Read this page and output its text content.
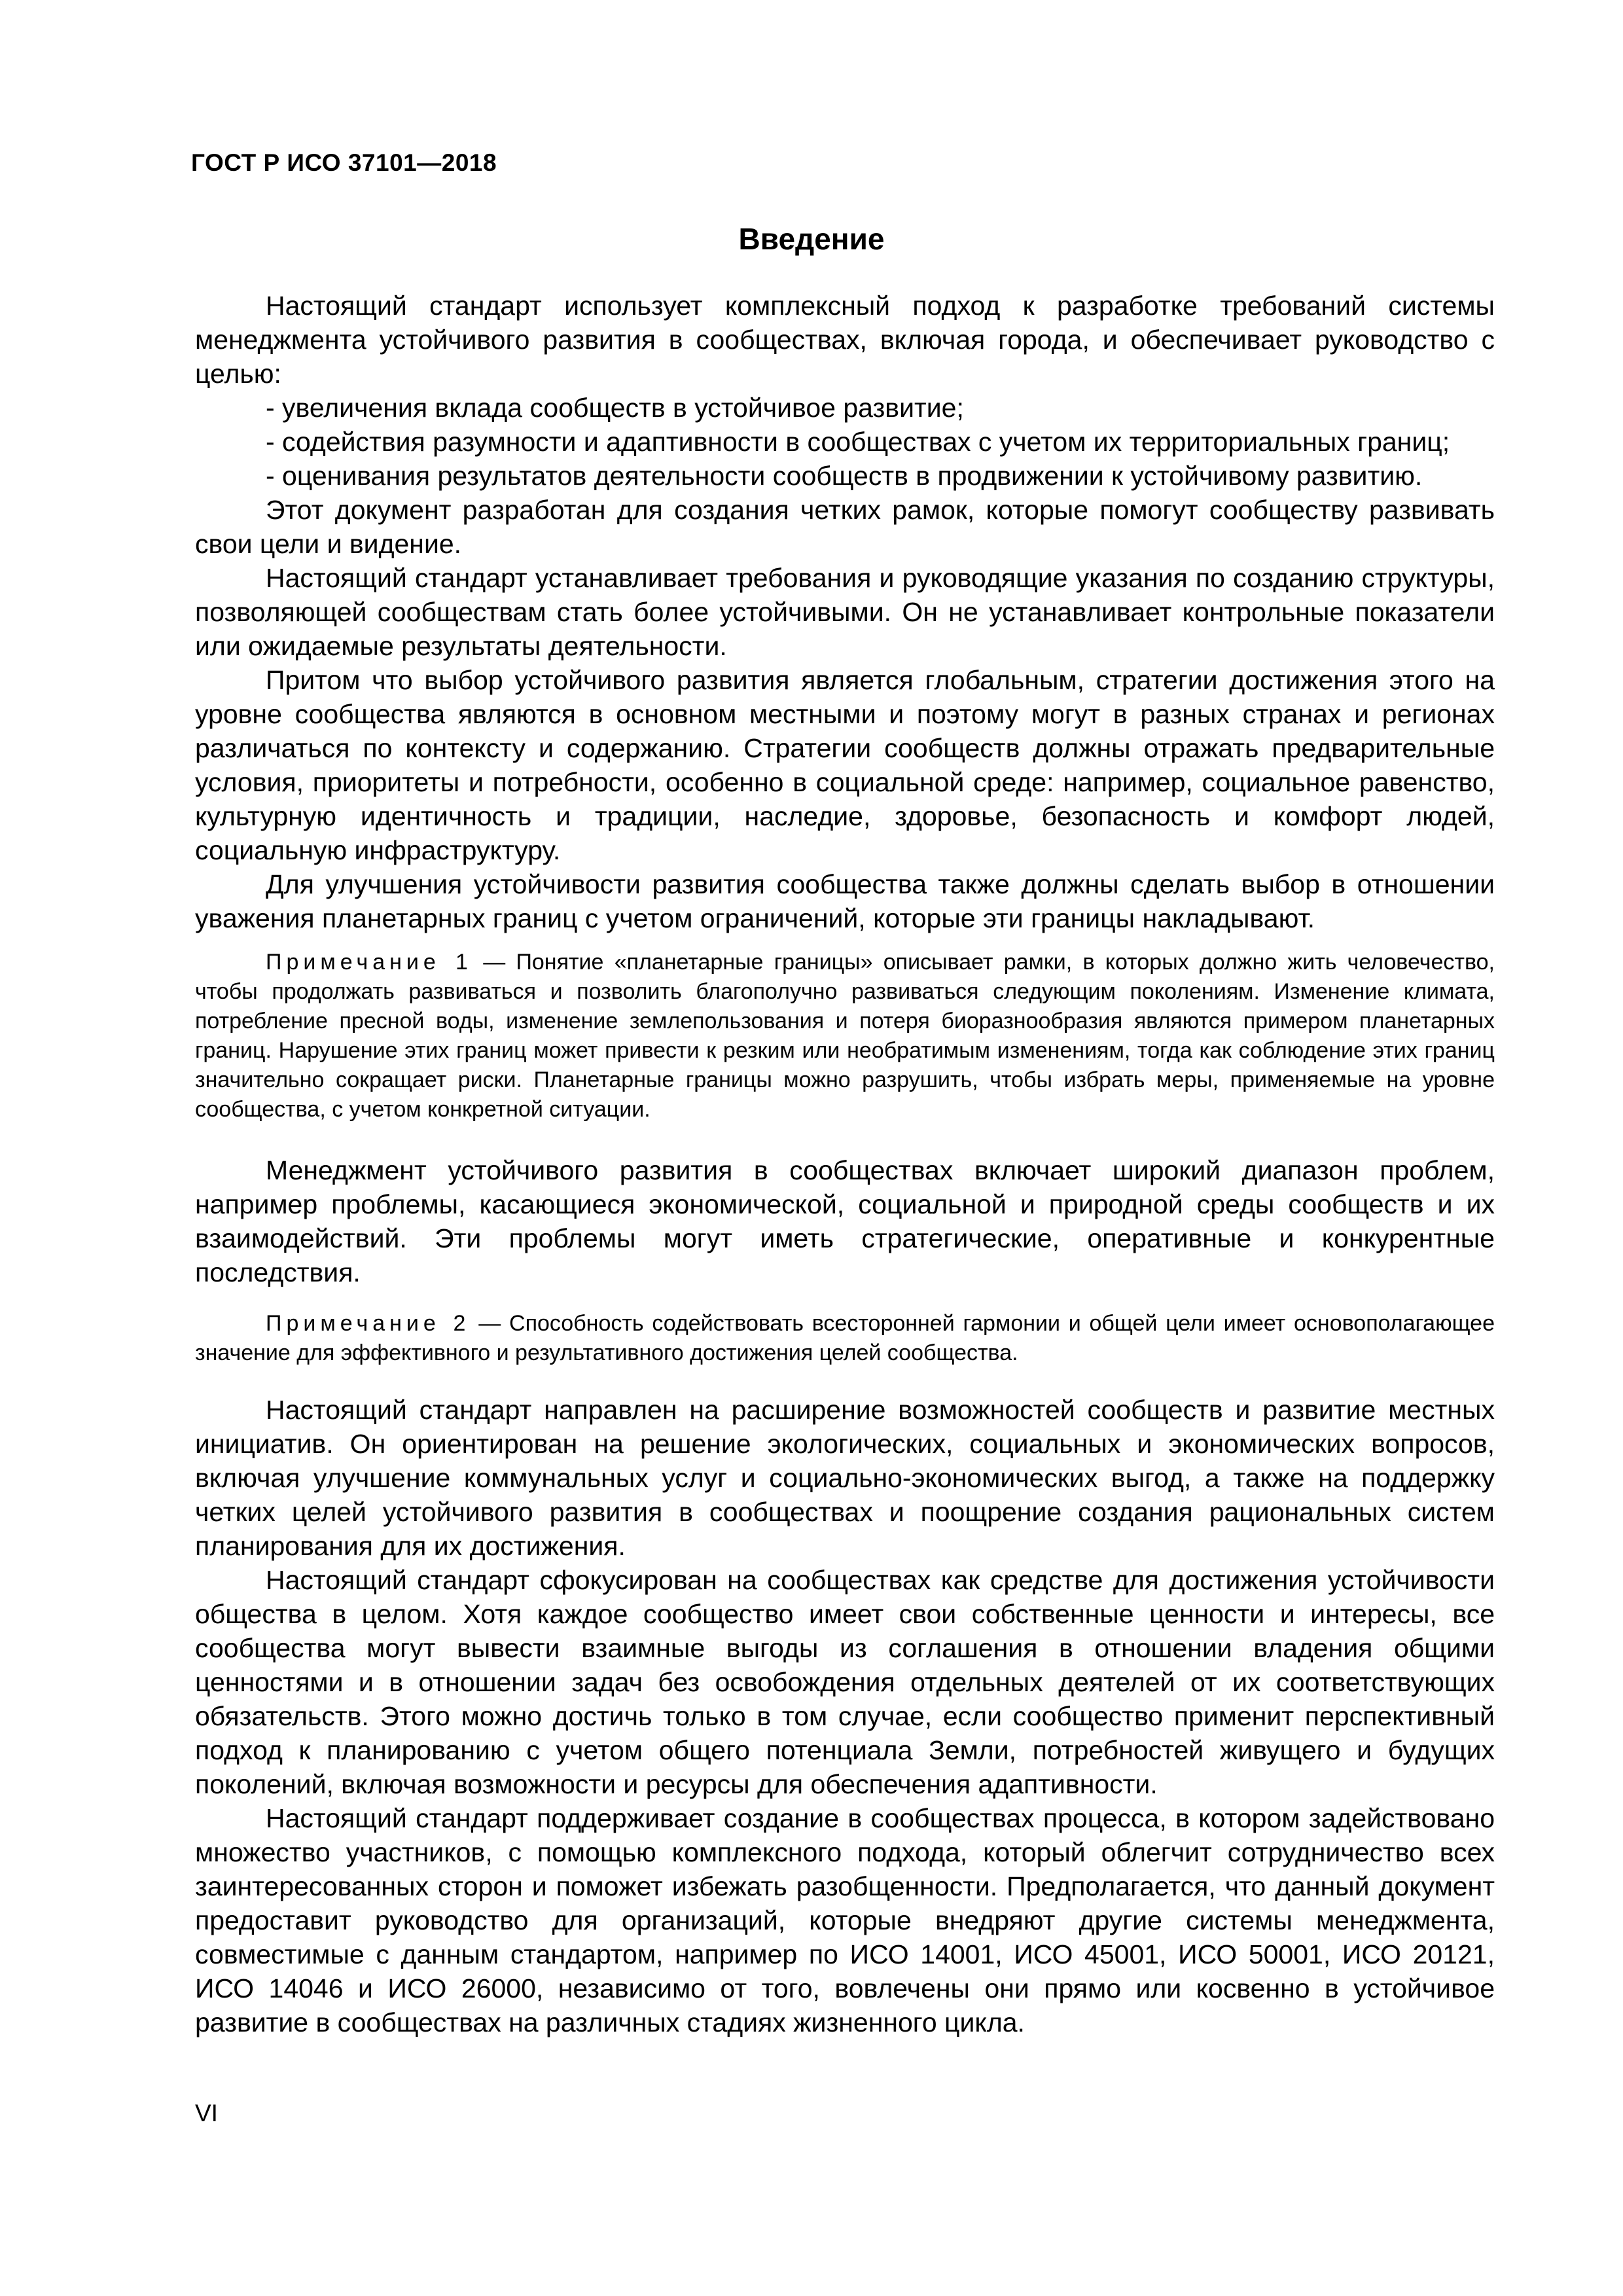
ГОСТ Р ИСО 37101—2018
Введение

Настоящий стандарт использует комплексный подход к разработке требований системы менеджмента устойчивого развития в сообществах, включая города, и обеспечивает руководство с целью:

- увеличения вклада сообществ в устойчивое развитие;

- содействия разумности и адаптивности в сообществах с учетом их территориальных границ;

- оценивания результатов деятельности сообществ в продвижении к устойчивому развитию.

Этот документ разработан для создания четких рамок, которые помогут сообществу развивать свои цели и видение.

Настоящий стандарт устанавливает требования и руководящие указания по созданию структуры, позволяющей сообществам стать более устойчивыми. Он не устанавливает контрольные показатели или ожидаемые результаты деятельности.

Притом что выбор устойчивого развития является глобальным, стратегии достижения этого на уровне сообщества являются в основном местными и поэтому могут в разных странах и регионах различаться по контексту и содержанию. Стратегии сообществ должны отражать предварительные условия, приоритеты и потребности, особенно в социальной среде: например, социальное равенство, культурную идентичность и традиции, наследие, здоровье, безопасность и комфорт людей, социальную инфраструктуру.

Для улучшения устойчивости развития сообщества также должны сделать выбор в отношении уважения планетарных границ с учетом ограничений, которые эти границы накладывают.

Примечание 1 — Понятие «планетарные границы» описывает рамки, в которых должно жить человечество, чтобы продолжать развиваться и позволить благополучно развиваться следующим поколениям. Изменение климата, потребление пресной воды, изменение землепользования и потеря биоразнообразия являются примером планетарных границ. Нарушение этих границ может привести к резким или необратимым изменениям, тогда как соблюдение этих границ значительно сокращает риски. Планетарные границы можно разрушить, чтобы избрать меры, применяемые на уровне сообщества, с учетом конкретной ситуации.

Менеджмент устойчивого развития в сообществах включает широкий диапазон проблем, например проблемы, касающиеся экономической, социальной и природной среды сообществ и их взаимодействий. Эти проблемы могут иметь стратегические, оперативные и конкурентные последствия.

Примечание 2 — Способность содействовать всесторонней гармонии и общей цели имеет основополагающее значение для эффективного и результативного достижения целей сообщества.

Настоящий стандарт направлен на расширение возможностей сообществ и развитие местных инициатив. Он ориентирован на решение экологических, социальных и экономических вопросов, включая улучшение коммунальных услуг и социально-экономических выгод, а также на поддержку четких целей устойчивого развития в сообществах и поощрение создания рациональных систем планирования для их достижения.

Настоящий стандарт сфокусирован на сообществах как средстве для достижения устойчивости общества в целом. Хотя каждое сообщество имеет свои собственные ценности и интересы, все сообщества могут вывести взаимные выгоды из соглашения в отношении владения общими ценностями и в отношении задач без освобождения отдельных деятелей от их соответствующих обязательств. Этого можно достичь только в том случае, если сообщество применит перспективный подход к планированию с учетом общего потенциала Земли, потребностей живущего и будущих поколений, включая возможности и ресурсы для обеспечения адаптивности.

Настоящий стандарт поддерживает создание в сообществах процесса, в котором задействовано множество участников, с помощью комплексного подхода, который облегчит сотрудничество всех заинтересованных сторон и поможет избежать разобщенности. Предполагается, что данный документ предоставит руководство для организаций, которые внедряют другие системы менеджмента, совместимые с данным стандартом, например по ИСО 14001, ИСО 45001, ИСО 50001, ИСО 20121, ИСО 14046 и ИСО 26000, независимо от того, вовлечены они прямо или косвенно в устойчивое развитие в сообществах на различных стадиях жизненного цикла.

VI
